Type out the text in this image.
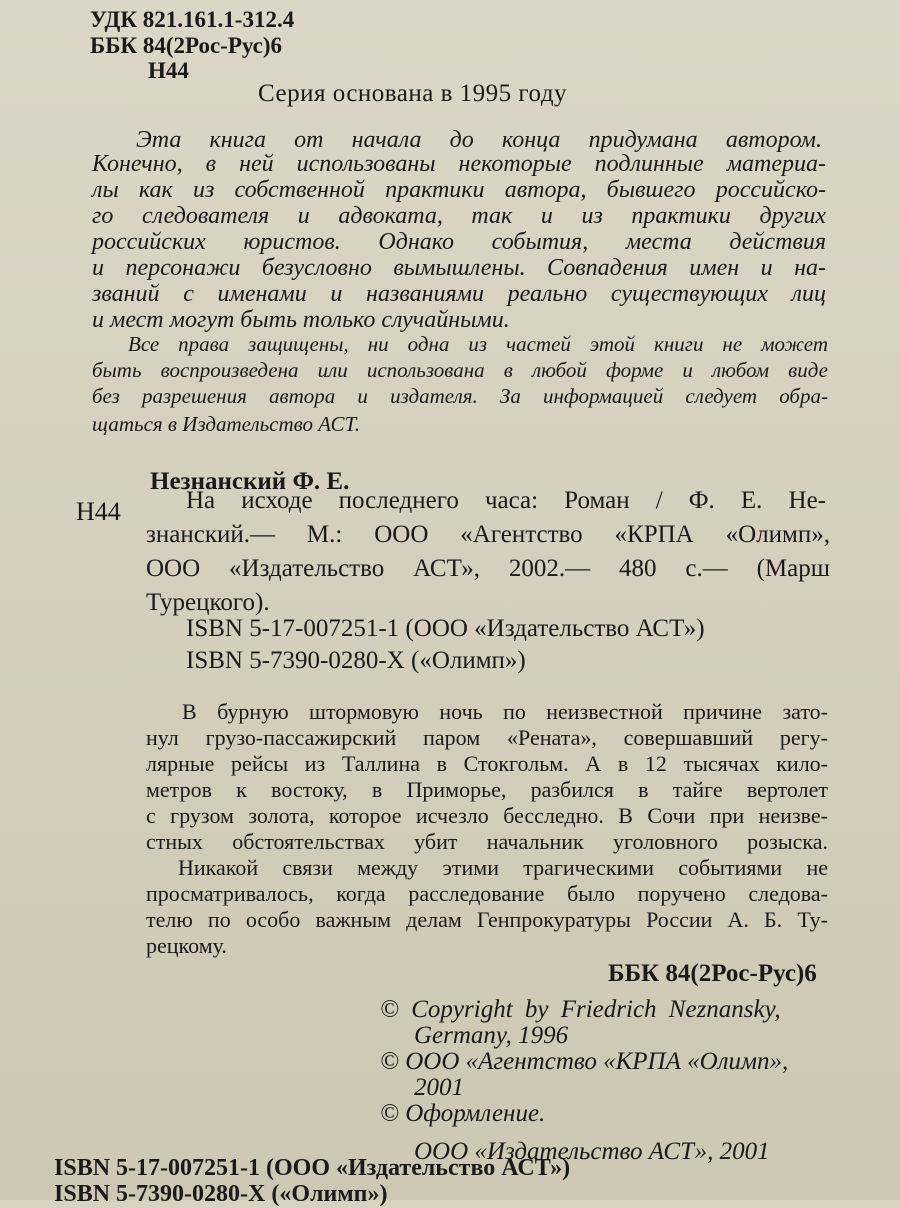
УДК 821.161.1-312.4
ББК 84(2Рос-Рус)6
Н44
Серия основана в 1995 году
Эта книга от начала до конца придумана автором.
Конечно, в ней использованы некоторые подлинные материа-
лы как из собственной практики автора, бывшего российско-
го следователя и адвоката, так и из практики других
российских юристов. Однако события, места действия
и персонажи безусловно вымышлены. Совпадения имен и на-
званий с именами и названиями реально существующих лиц
и мест могут быть только случайными.
Все права защищены, ни одна из частей этой книги не может
быть воспроизведена или использована в любой форме и любом виде
без разрешения автора и издателя. За информацией следует обра-
щаться в Издательство АСТ.
Незнанский Ф. Е.
Н44	На исходе последнего часа: Роман / Ф. Е. Не-
знанский.— М.: ООО «Агентство «КРПА «Олимп»,
ООО «Издательство АСТ», 2002.— 480 с.— (Марш
Турецкого).
ISBN 5-17-007251-1 (ООО «Издательство АСТ»)
ISBN 5-7390-0280-Х («Олимп»)
В бурную штормовую ночь по неизвестной причине зато-
нул грузо-пассажирский паром «Рената», совершавший регу-
лярные рейсы из Таллина в Стокгольм. А в 12 тысячах кило-
метров к востоку, в Приморье, разбился в тайге вертолет
с грузом золота, которое исчезло бесследно. В Сочи при неизве-
стных обстоятельствах убит начальник уголовного розыска.
Никакой связи между этими трагическими событиями не
просматривалось, когда расследование было поручено следова-
телю по особо важным делам Генпрокуратуры России А. Б. Ту-
рецкому.
ББК 84(2Рос-Рус)6
© Copyright by Friedrich Neznansky,
Germany, 1996
© ООО «Агентство «КРПА «Олимп»,
2001
© Оформление.
ООО «Издательство АСТ», 2001
ISBN 5-17-007251-1 (ООО «Издательство АСТ»)
ISBN 5-7390-0280-Х («Олимп»)
